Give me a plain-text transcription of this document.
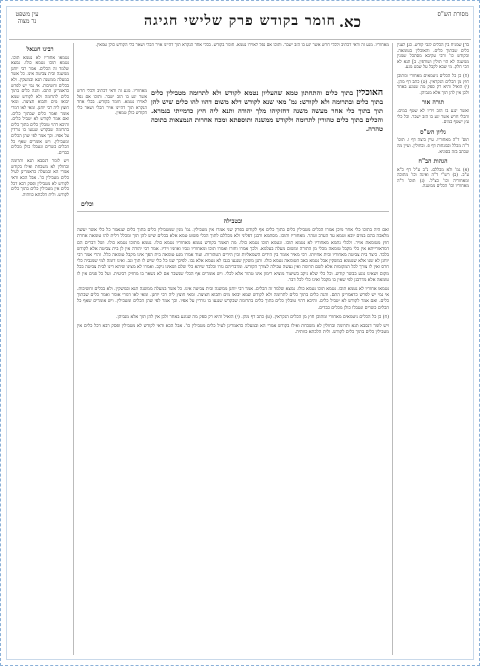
מסורת הש"ס
כא.
חומר בקודש פרק שלישי חגיגה
עין משפט נר מצוה

בד] שמניח בין הכלים לגבי קודש. כג] לענין כלים שבתוך כלים. והאוכלין בטומאה. ובקודש כו' ורבי עקיבא מסתכל שמנין ממשנה לא הוי תולין ושורפין. ב] תנא לא הכי חלק. מי שבא לקבל על שבט מגע.

(ח) כן כל הכלים ניטמאים מאחורי ומתוכן חוץ מן הכלים הנקראין. (ט) כתב דף מהן. (י) הואיל והיא רק ספק מה שנוגע באחר ולכן אין להן תוך אלא מגביהן.

תורה אור

ואשר ינגע בו הזב וידיו לא שטף במים. והכלי חרש אשר יגע בו הזב ישבר. וכל כלי עץ ישטף במים.

גליון הש"ס

תוס' ד"ה מאחוריו. עיין ביצה דף ו. תוס' ד"ה מכלל ובמנחות דף פ. ובחולין. ועיין מה שכתב בזה בסוגיא.

הגהות הב"ח

(א) גמ' ולא מכללם. נ"ב ע"ל דף כ"א ע"ב. (ב) רש"י ד"ה ואינה וכו' מתוכה ומאחוריה וכו' כצ"ל. (ג) תוס' ד"ה מאחוריו וכו' הכלים ממשנה.

רבינו חננאל

נטמאו אחוריו לא נטמא תוכו. נטמא תוכו נטמא כולו. נמצא שלמד זה הכלים. אמר רבי יוחנן ממשנה ובית צביטה אינו. כל אשר במעלה ממשנה תנא ובמשקין. ולא בכלים וחשיבות. אי נמי יש לפרש כדאמרינן התם. והנה כלים בתוך כלים לתרומה ולא לקודש שמא יבואו מים ותבוא חציצה. ומאי חוצץ ליה רבי יוחנן. ומאי לאו דמרי אומר ואמר כלים שבתוך כלים. ואם אמר לקודש לא יטביל כלים. והיכא דהוי טובלין כלים בתוך כלים בתרומה שבקדש שנגעו בו גורדין על אפיו. וכך אמר לפי שהן הכלים ומטבילין. ויש אומרים שאף כל הכלים כשרים ונטבלו כולן מכלים כבדים.

ויש לומר דנסבא תנא ותרומה ובחולין לא משכחת ואילו בקודש אמרי הא ובמעלה כדאמרינן לעיל כלים מטבילין כו'. אבל הכא ודאי לקודש לא מטבילין ופסק רבא דכל כלים אין מטבילין כלים בתוך כלים לקודש. ולית הלכתא כוותיה.

מאחוריו. מגע זה ודאי דכתיב ולכלי חרש אשר יגע בו הזב ישבר. ותוכו אם נפל לאוירו נטמא. חומר בקודש. בכלי אחד הנקרא תוך דהיינו אויר הכלי ושאר כלי הקודש כולן טמאין.

האוכלין בתוך כלים והתחתון טמא שהעליון נטמא לקודש ולא לתרומה מטבילין כלים בתוך כלים ובתרומה ולא לקודש: גמ' מאי שנא לקודש דלא משום דהוו להו כלים שיש להן תוך בתוך כלי אחר מעשה משנה דחזקיהו מלך יהודה ותנא ליה חיץ כדמייתי בגמרא. והכלים בתוך כלים טהורין לתרומה ולקודש ממשנה ותוספתא ומכח אחרות הנמצאות בתוכה טהרה.

מאחוריו. מגע זה ודאי דכתיב ולכלי חרש אשר יגע בו הזב ישבר. ותוכו אם נפל לאוירו נטמא. חומר בקודש. בכלי אחד הנקרא תוך דהיינו אויר הכלי ושאר כלי הקודש כולן טמאין.

וכלים
ובטבילה

ואם היה בתוכו כלי אחר מיכן אמרו הכלים מטבילין כלים בתוך כלים אף לקודש בפרק שני אמרו אין מטבילין. גמ' מנין שמטבילין כלים בתוך כלים שנאמר כל כלי אשר יעשה מלאכה בהם במים יובא וטמא עד הערב וטהר. מאחוריו ותוכו. מסתמא ורבנן דפליגי ולא מכללם לתוך הכלי פשוט טמא אלא בכלים שיש להן תוך ומכלל דלית להו טומאה אחרת חוץ מטומאת אויר. ולכלי נתמא מאחוריו לא נטמא תוכו. ונטמא תוכו נטמא כולו. מה תאמר בקודש נטמא מאחוריו נטמא כולו. נטמא מתוכו נטמא כולו. ושל דברים הם דמדאורייתא אין כלי מקבל טומאה מכלי מן התורה ומשום מעלה בעלמא. ולכך אמרו וחזרו ואמרו תוכו ומאחוריו וגביו ואוזניו וידיו. אמר רבי יהודה אין לן בית צביטה אלא לקודש בלבד. כיצד בית צביטה מאחוריו ובית אחיזתו. רבי מאיר אומר בין הידים השמאליות ובין הידים הטהורות. ועוד אמרו מגע טומאה בית הפך אינו מקבל טומאה כלל. והרי אמר רבי יוחנן לא שנו אלא שנטמא במשקין אבל נטמא באב הטומאה נטמא כולו. ותנן משקין שנגעו בגבו לא נטמא אלא גבו. לפיכך שנו כל כלי שיש לו תוך וגב. ואינו דומה למי שמגביה כלי חרס ואין לו צורך לכל המקומות אלא לשם תרומה ואין נעשה טבילה לצורך הקודש. ומדבריהם גזרו ובלבד שיהא כלי שלם ושאינו ניקב. ואמרו לא מצינו שיהא דינו לבית צביטה בכל מקום ושאינו נוגע בבשר קודש. וכל כלי שלא ניקב בשיעור מוציא רימון אינו טהור אלא לכלי. ויש אומרים אף הכלי שנשבר אם לא נשאר בו מחזיק רביעית. ועל כל פנים אין לו טומאה אלא מדרבנן לפי שאין בו מקבל ואינו כלי לכל דבר.

נטמאו אחוריו לא נטמא תוכו. נטמא תוכו נטמא כולו. נמצא שלמד זה הכלים. אמר רבי יוחנן ממשנה ובית צביטה אינו. כל אשר במעלה ממשנה תנא ובמשקין. ולא בכלים וחשיבות. אי נמי יש לפרש כדאמרינן התם. והנה כלים בתוך כלים לתרומה ולא לקודש שמא יבואו מים ותבוא חציצה. ומאי חוצץ ליה רבי יוחנן. ומאי לאו דמרי אומר ואמר כלים שבתוך כלים. ואם אמר לקודש לא יטביל כלים. והיכא דהוי טובלין כלים בתוך כלים בתרומה שבקדש שנגעו בו גורדין על אפיו. וכך אמר לפי שהן הכלים ומטבילין. ויש אומרים שאף כל הכלים כשרים ונטבלו כולן מכלים כבדים.

(ח) כן כל הכלים ניטמאים מאחורי ומתוכן חוץ מן הכלים הנקראין. (ט) כתב דף מהן. (י) הואיל והיא רק ספק מה שנוגע באחר ולכן אין להן תוך אלא מגביהן.

ויש לומר דנסבא תנא ותרומה ובחולין לא משכחת ואילו בקודש אמרי הא ובמעלה כדאמרינן לעיל כלים מטבילין כו'. אבל הכא ודאי לקודש לא מטבילין ופסק רבא דכל כלים אין מטבילין כלים בתוך כלים לקודש. ולית הלכתא כוותיה.
